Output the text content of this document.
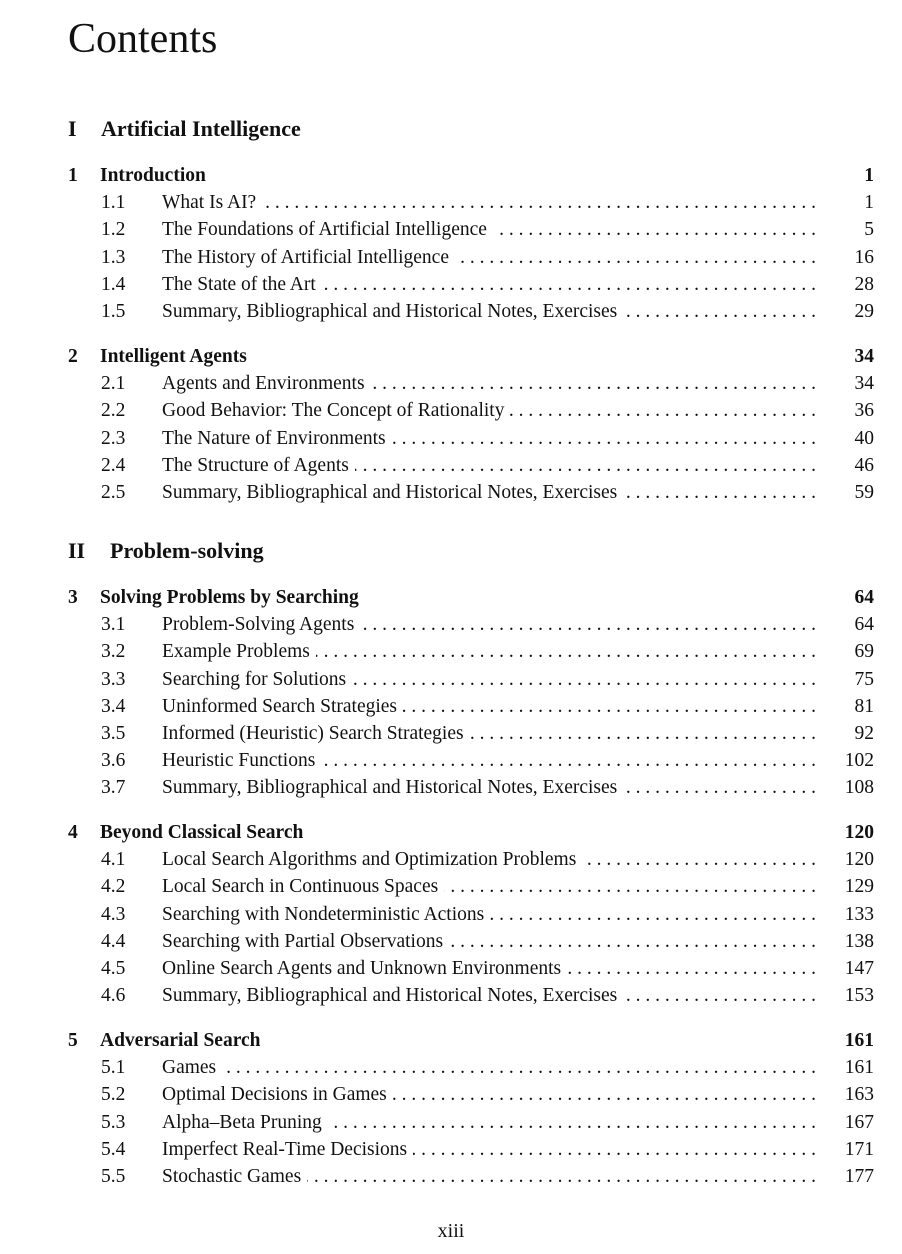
Contents
I Artificial Intelligence
1 Introduction	1
. . .
1.1 What Is AI?	1
. . .
1.2 The Foundations of Artificial Intelligence	5
. . .
1.3 The History of Artificial Intelligence	16
. . .
1.4 The State of the Art	28
. . .
1.5 Summary, Bibliographical and Historical Notes, Exercises	29
2 Intelligent Agents	34
. . .
2.1 Agents and Environments	34
. . .
2.2 Good Behavior: The Concept of Rationality	36
. . .
2.3 The Nature of Environments	40
. . .
2.4 The Structure of Agents	46
. . .
2.5 Summary, Bibliographical and Historical Notes, Exercises	59
II Problem-solving
3 Solving Problems by Searching	64
. . .
3.1 Problem-Solving Agents	64
. . .
3.2 Example Problems	69
. . .
3.3 Searching for Solutions	75
. . .
3.4 Uninformed Search Strategies	81
. . .
3.5 Informed (Heuristic) Search Strategies	92
. . .
3.6 Heuristic Functions	102
. . .
3.7 Summary, Bibliographical and Historical Notes, Exercises	108
4 Beyond Classical Search	120
. . .
4.1 Local Search Algorithms and Optimization Problems	120
. . .
4.2 Local Search in Continuous Spaces	129
. . .
4.3 Searching with Nondeterministic Actions	133
. . .
4.4 Searching with Partial Observations	138
. . .
4.5 Online Search Agents and Unknown Environments	147
. . .
4.6 Summary, Bibliographical and Historical Notes, Exercises	153
5 Adversarial Search	161
. . .
5.1 Games	161
. . .
5.2 Optimal Decisions in Games	163
. . .
5.3 Alpha–Beta Pruning	167
. . .
5.4 Imperfect Real-Time Decisions	171
. . .
5.5 Stochastic Games	177
xiii
